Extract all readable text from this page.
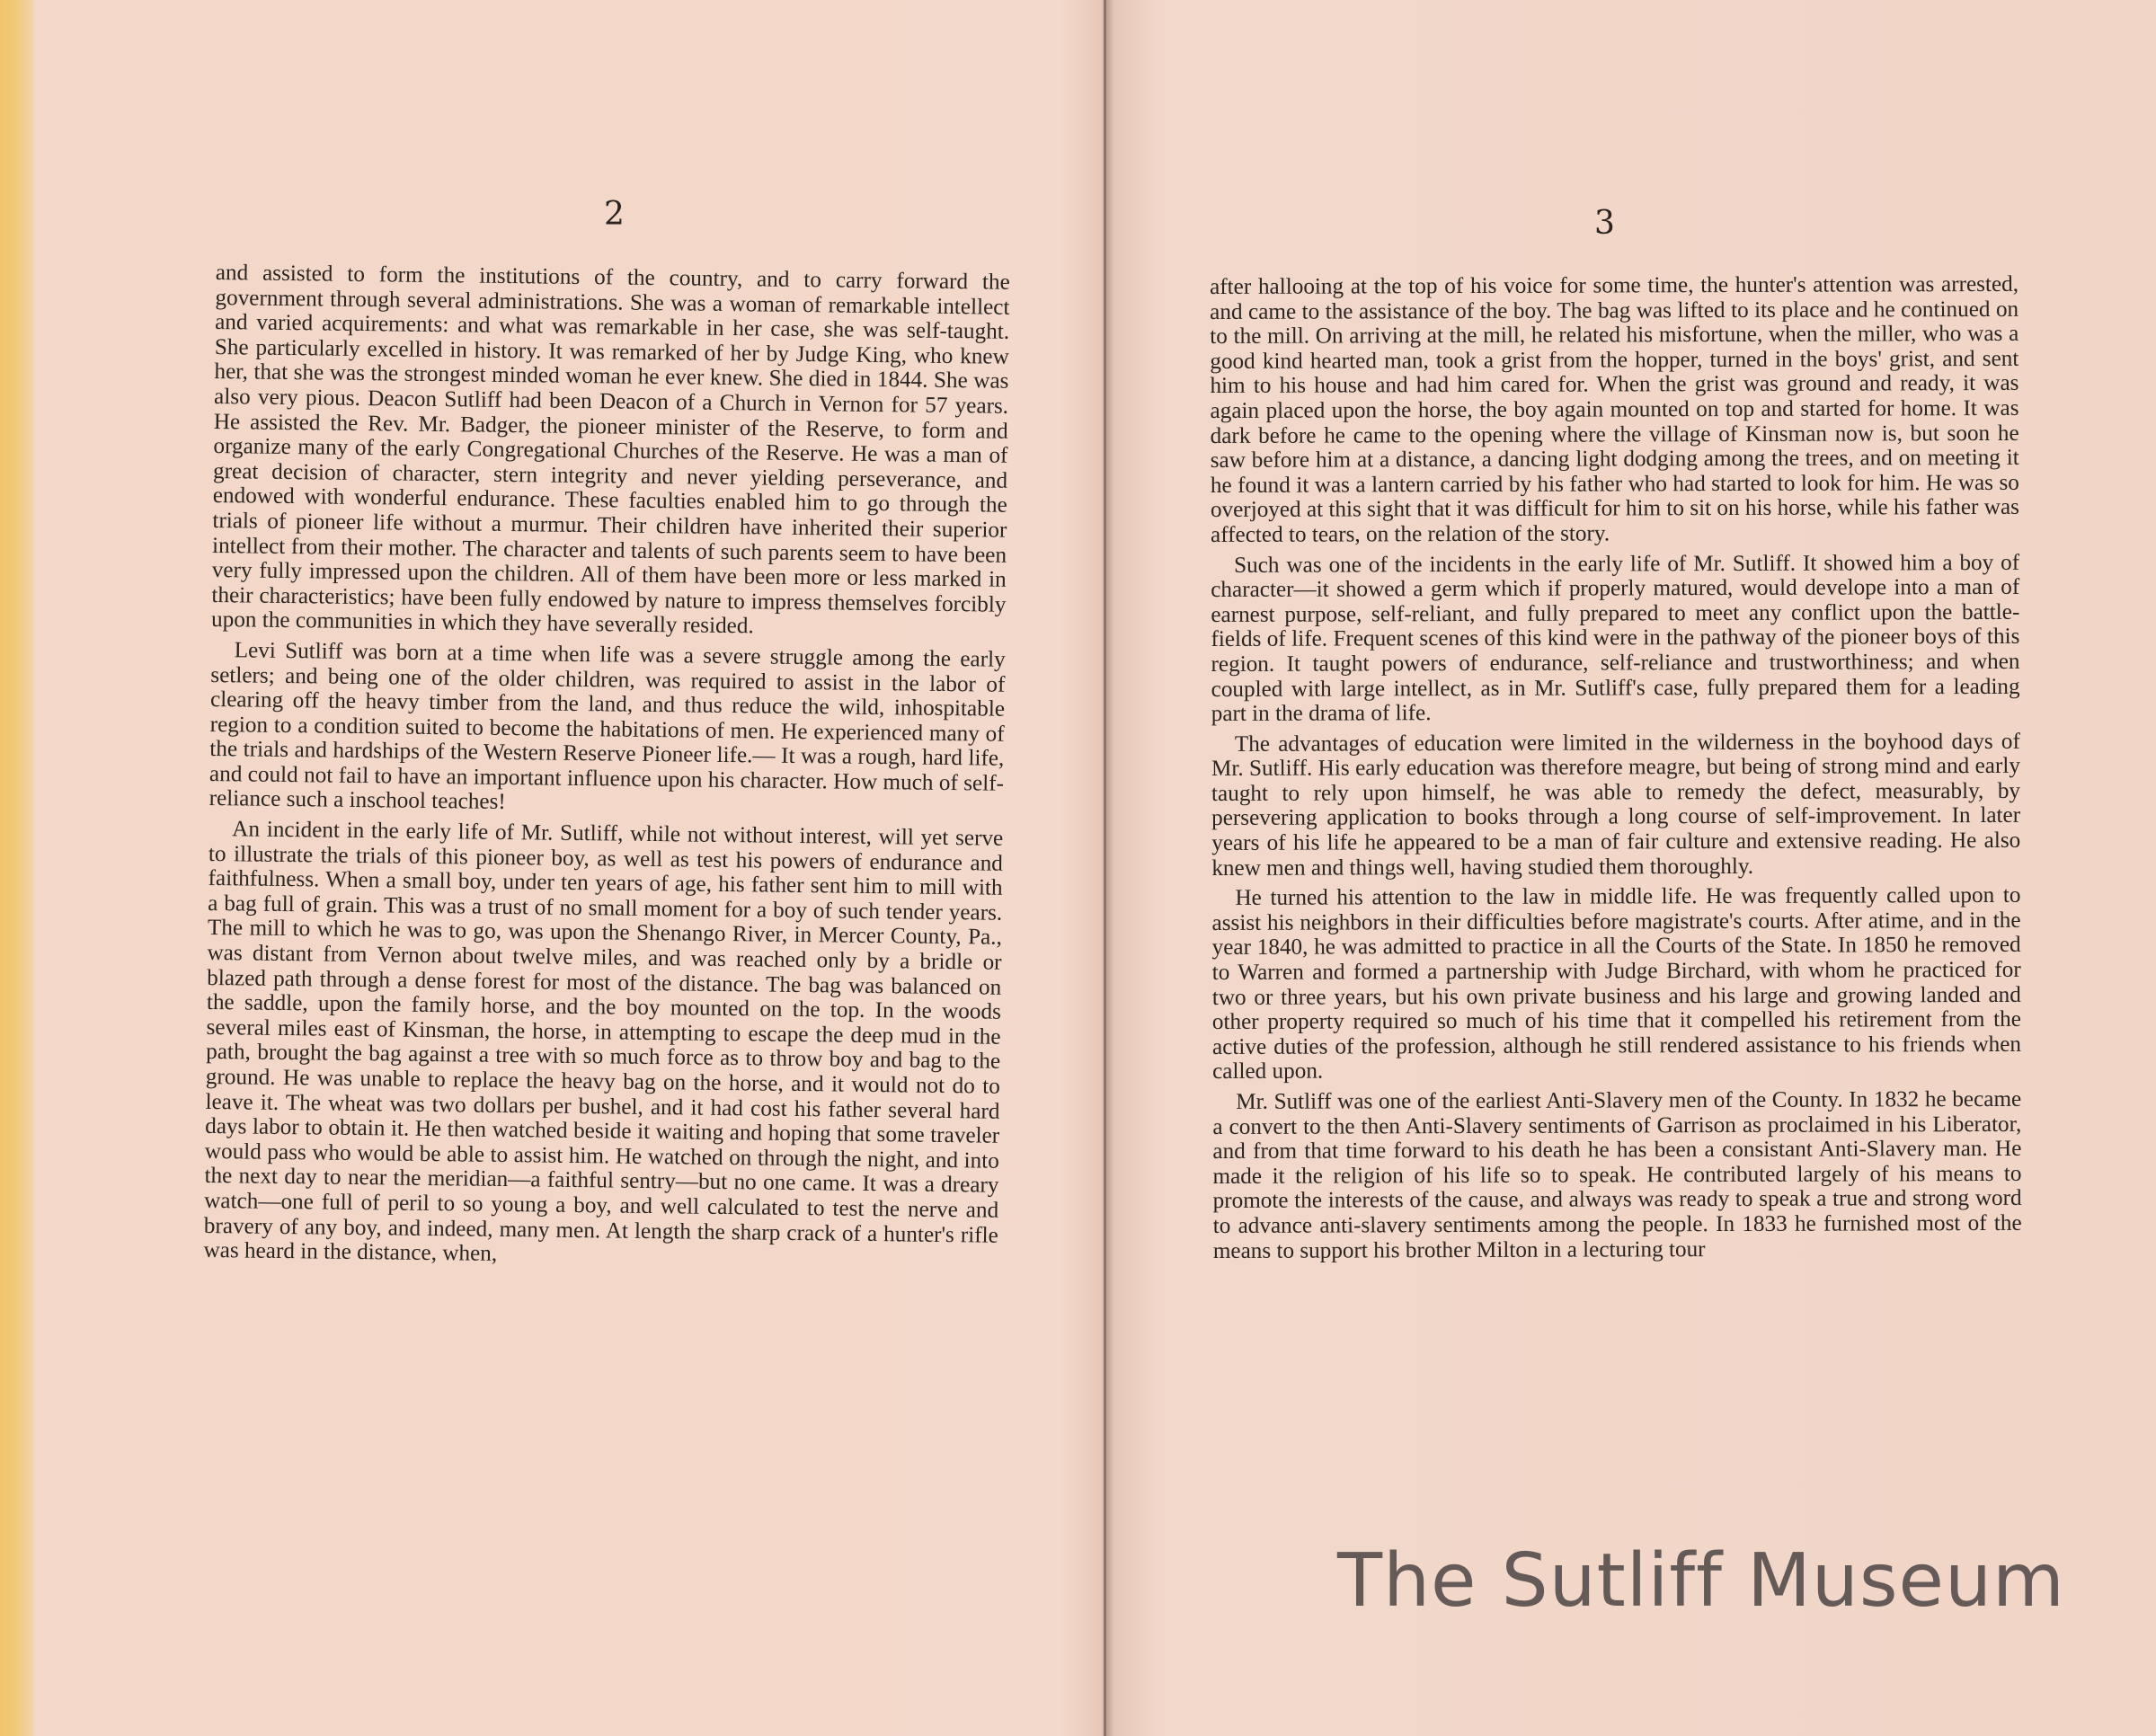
2

and assisted to form the institutions of the country, and to carry forward the government through several administrations. She was a woman of remarkable intellect and varied acquirements: and what was remarkable in her case, she was self-taught. She particularly excelled in history. It was remarked of her by Judge King, who knew her, that she was the strongest minded woman he ever knew. She died in 1844. She was also very pious. Deacon Sutliff had been Deacon of a Church in Vernon for 57 years. He assisted the Rev. Mr. Badger, the pioneer minister of the Reserve, to form and organize many of the early Congregational Churches of the Reserve. He was a man of great decision of character, stern integrity and never yielding perseverance, and endowed with wonderful endurance. These faculties enabled him to go through the trials of pioneer life without a murmur. Their children have inherited their superior intellect from their mother. The character and talents of such parents seem to have been very fully impressed upon the children. All of them have been more or less marked in their characteristics; have been fully endowed by nature to impress themselves forcibly upon the communities in which they have severally resided.

Levi Sutliff was born at a time when life was a severe struggle among the early setlers; and being one of the older children, was required to assist in the labor of clearing off the heavy timber from the land, and thus reduce the wild, inhospitable region to a condition suited to become the habitations of men. He experienced many of the trials and hardships of the Western Reserve Pioneer life.— It was a rough, hard life, and could not fail to have an important influence upon his character. How much of self-reliance such a inschool teaches!

An incident in the early life of Mr. Sutliff, while not without interest, will yet serve to illustrate the trials of this pioneer boy, as well as test his powers of endurance and faithfulness. When a small boy, under ten years of age, his father sent him to mill with a bag full of grain. This was a trust of no small moment for a boy of such tender years. The mill to which he was to go, was upon the Shenango River, in Mercer County, Pa., was distant from Vernon about twelve miles, and was reached only by a bridle or blazed path through a dense forest for most of the distance. The bag was balanced on the saddle, upon the family horse, and the boy mounted on the top. In the woods several miles east of Kinsman, the horse, in attempting to escape the deep mud in the path, brought the bag against a tree with so much force as to throw boy and bag to the ground. He was unable to replace the heavy bag on the horse, and it would not do to leave it. The wheat was two dollars per bushel, and it had cost his father several hard days labor to obtain it. He then watched beside it waiting and hoping that some traveler would pass who would be able to assist him. He watched on through the night, and into the next day to near the meridian—a faithful sentry—but no one came. It was a dreary watch—one full of peril to so young a boy, and well calculated to test the nerve and bravery of any boy, and indeed, many men. At length the sharp crack of a hunter's rifle was heard in the distance, when,

3

after hallooing at the top of his voice for some time, the hunter's attention was arrested, and came to the assistance of the boy. The bag was lifted to its place and he continued on to the mill. On arriving at the mill, he related his misfortune, when the miller, who was a good kind hearted man, took a grist from the hopper, turned in the boys' grist, and sent him to his house and had him cared for. When the grist was ground and ready, it was again placed upon the horse, the boy again mounted on top and started for home. It was dark before he came to the opening where the village of Kinsman now is, but soon he saw before him at a distance, a dancing light dodging among the trees, and on meeting it he found it was a lantern carried by his father who had started to look for him. He was so overjoyed at this sight that it was difficult for him to sit on his horse, while his father was affected to tears, on the relation of the story.

Such was one of the incidents in the early life of Mr. Sutliff. It showed him a boy of character—it showed a germ which if properly matured, would develope into a man of earnest purpose, self-reliant, and fully prepared to meet any conflict upon the battle-fields of life. Frequent scenes of this kind were in the pathway of the pioneer boys of this region. It taught powers of endurance, self-reliance and trustworthiness; and when coupled with large intellect, as in Mr. Sutliff's case, fully prepared them for a leading part in the drama of life.

The advantages of education were limited in the wilderness in the boyhood days of Mr. Sutliff. His early education was therefore meagre, but being of strong mind and early taught to rely upon himself, he was able to remedy the defect, measurably, by persevering application to books through a long course of self-improvement. In later years of his life he appeared to be a man of fair culture and extensive reading. He also knew men and things well, having studied them thoroughly.

He turned his attention to the law in middle life. He was frequently called upon to assist his neighbors in their difficulties before magistrate's courts. After atime, and in the year 1840, he was admitted to practice in all the Courts of the State. In 1850 he removed to Warren and formed a partnership with Judge Birchard, with whom he practiced for two or three years, but his own private business and his large and growing landed and other property required so much of his time that it compelled his retirement from the active duties of the profession, although he still rendered assistance to his friends when called upon.

Mr. Sutliff was one of the earliest Anti-Slavery men of the County. In 1832 he became a convert to the then Anti-Slavery sentiments of Garrison as proclaimed in his Liberator, and from that time forward to his death he has been a consistant Anti-Slavery man. He made it the religion of his life so to speak. He contributed largely of his means to promote the interests of the cause, and always was ready to speak a true and strong word to advance anti-slavery sentiments among the people. In 1833 he furnished most of the means to support his brother Milton in a lecturing tour

The Sutliff Museum
